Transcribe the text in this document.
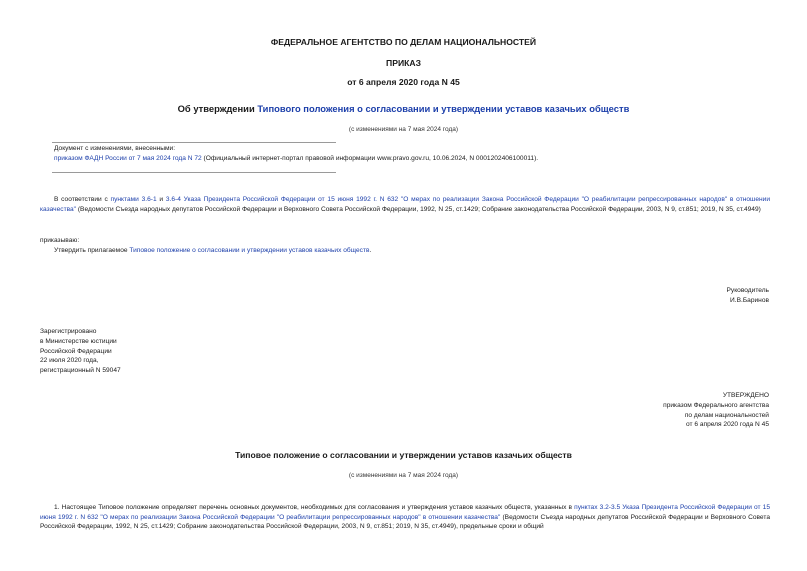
ФЕДЕРАЛЬНОЕ АГЕНТСТВО ПО ДЕЛАМ НАЦИОНАЛЬНОСТЕЙ
ПРИКАЗ
от 6 апреля 2020 года N 45
Об утверждении Типового положения о согласовании и утверждении уставов казачьих обществ
(с изменениями на 7 мая 2024 года)
Документ с изменениями, внесенными:
приказом ФАДН России от 7 мая 2024 года N 72 (Официальный интернет-портал правовой информации www.pravo.gov.ru, 10.06.2024, N 0001202406100011).
В соответствии с пунктами 3.6-1 и 3.6-4 Указа Президента Российской Федерации от 15 июня 1992 г. N 632 "О мерах по реализации Закона Российской Федерации "О реабилитации репрессированных народов" в отношении казачества" (Ведомости Съезда народных депутатов Российской Федерации и Верховного Совета Российской Федерации, 1992, N 25, ст.1429; Собрание законодательства Российской Федерации, 2003, N 9, ст.851; 2019, N 35, ст.4949)
приказываю:
Утвердить прилагаемое Типовое положение о согласовании и утверждении уставов казачьих обществ.
Руководитель
И.В.Баринов
Зарегистрировано
в Министерстве юстиции
Российской Федерации
22 июля 2020 года,
регистрационный N 59047
УТВЕРЖДЕНО
приказом Федерального агентства
по делам национальностей
от 6 апреля 2020 года N 45
Типовое положение о согласовании и утверждении уставов казачьих обществ
(с изменениями на 7 мая 2024 года)
1. Настоящее Типовое положение определяет перечень основных документов, необходимых для согласования и утверждения уставов казачьих обществ, указанных в пунктах 3.2-3.5 Указа Президента Российской Федерации от 15 июня 1992 г. N 632 "О мерах по реализации Закона Российской Федерации "О реабилитации репрессированных народов" в отношении казачества" (Ведомости Съезда народных депутатов Российской Федерации и Верховного Совета Российской Федерации, 1992, N 25, ст.1429; Собрание законодательства Российской Федерации, 2003, N 9, ст.851; 2019, N 35, ст.4949), предельные сроки и общий
